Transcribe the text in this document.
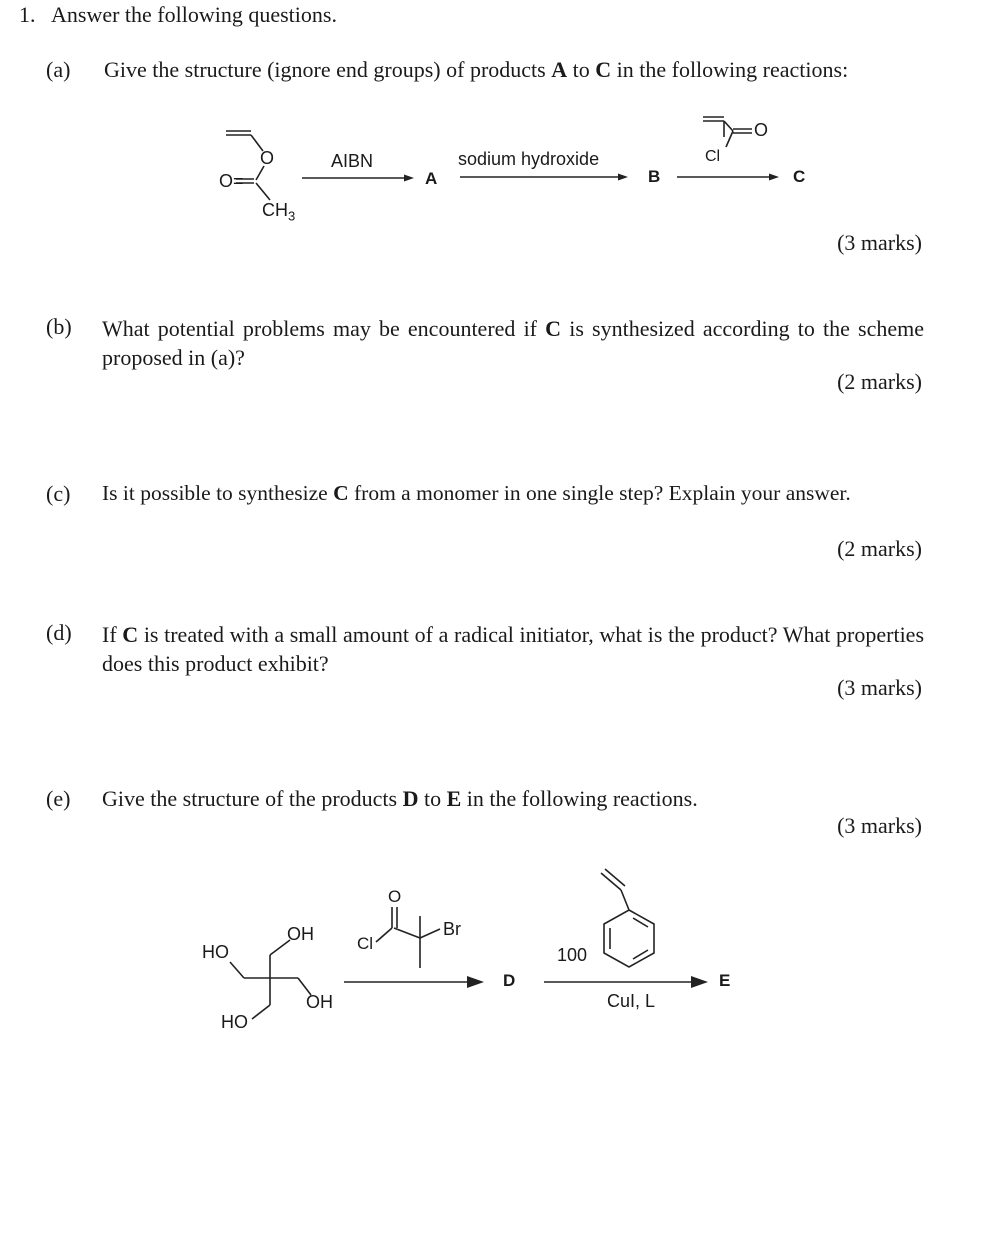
1. Answer the following questions.
(a) Give the structure (ignore end groups) of products A to C in the following reactions:
O
O=
$CH_3$
AIBN
A
sodium hydroxide
B
O
Cl
C
(3 marks)
(b) What potential problems may be encountered if C is synthesized according to the scheme proposed in (a)?
(2 marks)
(c) Is it possible to synthesize C from a monomer in one single step? Explain your answer.
(2 marks)
(d) If C is treated with a small amount of a radical initiator, what is the product? What properties does this product exhibit?
(3 marks)
(e) Give the structure of the products D to E in the following reactions.
(3 marks)
OH
HO
OH
HO
Cl
O
Br
D
100
CuI, L
E
